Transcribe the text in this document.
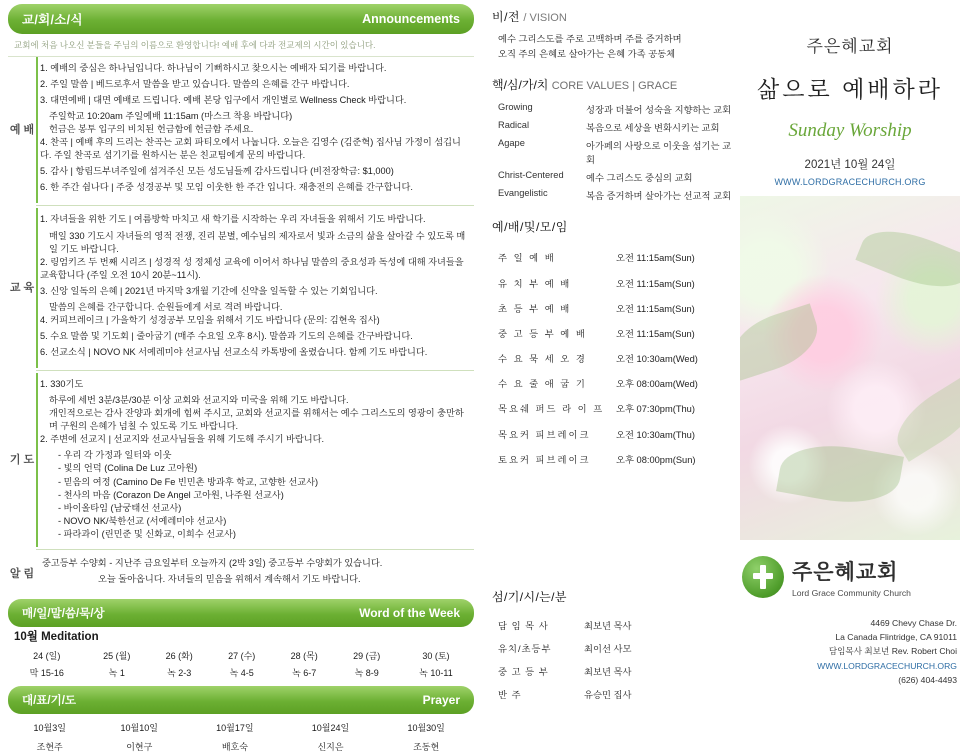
교/회/소/식	Announcements
교회에 처음 나오신 분들을 주님의 이름으로 환영합니다! 예배 후에 다과 전교제의 시간이 있습니다.
예 배
1. 예배의 중심은 하나님입니다. 하나님이 기뻐하시고 찾으시는 예배자 되기를 바랍니다.
2. 주일 말씀 | 베드로후서 말씀을 받고 있습니다. 말씀의 은혜를 간구 바랍니다.
3. 대면예배 | 대면 예배로 드립니다. 예배 본당 입구에서 개인별로 Wellness Check 바랍니다.
주일학교 10:20am 주일예배 11:15am (마스크 착용 바랍니다)
헌금은 봉투 입구의 비치된 헌금함에 헌금함 주세요.
4. 찬곡 | 예배 후의 드리는 찬곡는 교회 파티오에서 나눕니다. 오늘은 김영수 (김준혁) 집사님 가정이 섬깁니다. 주일 찬곡로 섬기기를 원하시는 분은 친교팀에게 문의 바랍니다.
5. 감사 | 항림드부녀주일에 섬겨주신 모든 성도님들께 감사드립니다 (비전장학금: $1,000)
6. 한 주간 쉼나다 | 주중 성경공부 및 모임 이웃한 한 주간 입니다. 재충전의 은혜를 간구합니다.
교 육
1. 자녀들을 위한 기도 | 여름방학 마치고 새 학기를 시작하는 우리 자녀들을 위해서 기도 바랍니다.
매일 330 기도시 자녀들의 영적 전쟁, 진리 분별, 예수님의 제자로서 빛과 소금의 삶을 살아갈 수 있도록 매일 기도 바랍니다.
2. 링엄키즈 두 번째 시리즈 | 성경적 성 정체성 교육에 이어서 하나님 말씀의 중요성과 독성에 대해 자녀들을 교육합니다 (주일 오전 10시 20분~11시).
3. 신앙 일독의 은혜 | 2021년 마지막 3개월 기간에 신약을 일독할 수 있는 기회입니다.
말씀의 은혜를 간구합니다. 순원들에게 서로 격려 바랍니다.
4. 커피브레이크 | 가을학기 성경공부 모임을 위해서 기도 바랍니다 (문의: 김현욱 집사)
5. 수요 말씀 및 기도회 | 줄아굽기 (매주 수요일 오후 8시). 말씀과 기도의 은혜를 간구바랍니다.
6. 선교소식 | NOVO NK 서예레미야 선교사님 선교소식 카톡방에 올렸습니다. 함께 기도 바랍니다.
기 도
1. 330기도
하루에 세번 3분/3분/30분 이상 교회와 선교지와 미국을 위해 기도 바랍니다.
개인적으로는 감사 잔양과 회개에 힘써 주시고, 교회와 선교지를 위해서는 예수 그리스도의 영광이 충만하며 구원의 은혜가 넘칠 수 있도록 기도 바랍니다.
2. 주변에 선교지 | 선교지와 선교사님들을 위해 기도해 주시기 바랍니다.
- 우리 각 가정과 일터와 이웃
- 빛의 언덕 (Colina De Luz 고아원)
- 믿음의 여정 (Camino De Fe 빈민촌 방과후 학교, 고향한 선교사)
- 천사의 마음 (Corazon De Angel 고아원, 나주원 선교사)
- 바이올타임 (남궁태선 선교사)
- NOVO NK/북한선교 (서예레미야 선교사)
- 파라과이 (린민준 및 신화교, 이희수 선교사)
알 림
중고등부 수양회 - 지난주 금요일부터 오늘까지 (2박 3일) 중고등부 수양회가 있습니다.
오늘 돌아옵니다. 자녀들의 믿음을 위해서 계속해서 기도 바랍니다.
매/일/말/씀/묵/상	Word of the Week
10월 Meditation
24 (일)	25 (월)	26 (화)	27 (수)	28 (목)	29 (금)	30 (토)
막 15-16	녹 1	녹 2-3	녹 4-5	녹 6-7	녹 8-9	녹 10-11
대/표/기/도	Prayer
10월3일	10월10일	10월17일	10월24일	10월30일
조현주	이현구	배호숙	신지은	조동현
비/전 / VISION
예수 그리스도를 주로 고백하며 주를 증거하며
오직 주의 은혜로 살아가는 은혜 가족 공동체
핵/심/가/치 CORE VALUES | GRACE
Growing	성장과 더불어 성숙을 지향하는 교회
Radical	복음으로 세상을 변화시키는 교회
Agape	아가페의 사랑으로 이웃을 섬기는 교회
Christ-Centered	예수 그리스도 중심의 교회
Evangelistic	복음 증거하며 살아가는 선교적 교회
예/배/및/모/임
주 일 예 배	오전 11:15am(Sun)
유 치 부 예 배	오전 11:15am(Sun)
초 등 부 예 배	오전 11:15am(Sun)
중 고 등 부 예 배	오전 11:15am(Sun)
수 요 묵 세 오 경	오전 10:30am(Wed)
수 요 줄 애 굽 기	오후 08:00am(Wed)
목요쉐 퍼드 라 이 프	오후 07:30pm(Thu)
목요커 피브레이크	오전 10:30am(Thu)
토요커 피브레이크	오후 08:00pm(Sun)
섬/기/시/는/분
담 임 목 사	최보년 목사
유치/초등부	최이선 사모
중 고 등 부	최보년 목사
반 주	유승민 집사
주은혜교회
삶으로 예배하라
Sunday Worship
2021년 10월 24일
WWW.LORDGRACECHURCH.ORG
주은혜교회
Lord Grace Community Church
4469 Chevy Chase Dr.
La Canada Flintridge, CA 91011
담임목사 최보년 Rev. Robert Choi
WWW.LORDGRACECHURCH.ORG
(626) 404-4493
